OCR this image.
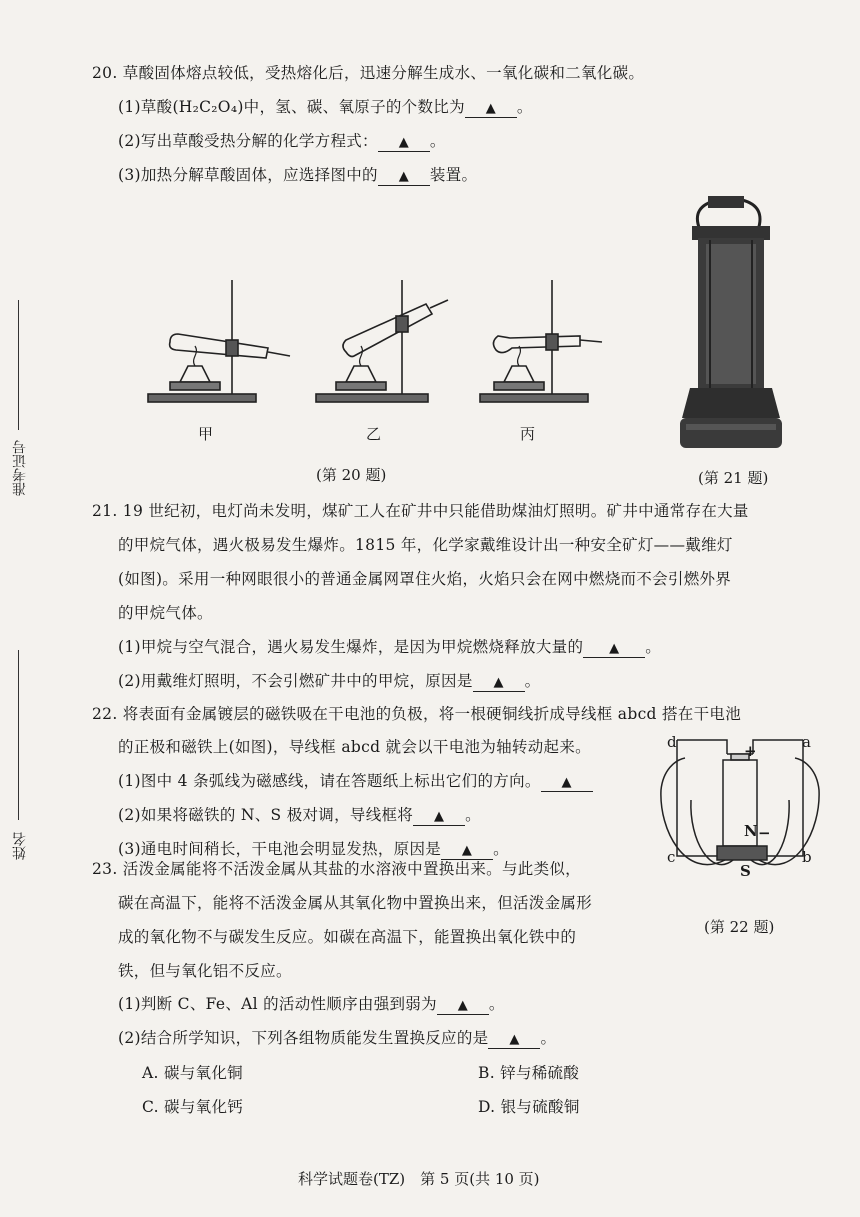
准考证号
姓名
20. 草酸固体熔点较低，受热熔化后，迅速分解生成水、一氧化碳和二氧化碳。
(1)草酸(H₂C₂O₄)中，氢、碳、氧原子的个数比为 ▲ 。
(2)写出草酸受热分解的化学方程式： ▲ 。
(3)加热分解草酸固体，应选择图中的 ▲ 装置。
甲	乙	丙
(第 20 题)	(第 21 题)
21. 19 世纪初，电灯尚未发明，煤矿工人在矿井中只能借助煤油灯照明。矿井中通常存在大量
的甲烷气体，遇火极易发生爆炸。1815 年，化学家戴维设计出一种安全矿灯——戴维灯
(如图)。采用一种网眼很小的普通金属网罩住火焰，火焰只会在网中燃烧而不会引燃外界
的甲烷气体。
(1)甲烷与空气混合，遇火易发生爆炸，是因为甲烷燃烧释放大量的 ▲ 。
(2)用戴维灯照明，不会引燃矿井中的甲烷，原因是 ▲ 。
22. 将表面有金属镀层的磁铁吸在干电池的负极，将一根硬铜线折成导线框 abcd 搭在干电池
的正极和磁铁上(如图)，导线框 abcd 就会以干电池为轴转动起来。
(1)图中 4 条弧线为磁感线，请在答题纸上标出它们的方向。 ▲
(2)如果将磁铁的 N、S 极对调，导线框将 ▲ 。
(3)通电时间稍长，干电池会明显发热，原因是 ▲ 。
d	a
c	b
+
N −
S
(第 22 题)
23. 活泼金属能将不活泼金属从其盐的水溶液中置换出来。与此类似，
碳在高温下，能将不活泼金属从其氧化物中置换出来，但活泼金属形
成的氧化物不与碳发生反应。如碳在高温下，能置换出氧化铁中的
铁，但与氧化铝不反应。
(1)判断 C、Fe、Al 的活动性顺序由强到弱为 ▲ 。
(2)结合所学知识，下列各组物质能发生置换反应的是 ▲ 。
A. 碳与氧化铜	B. 锌与稀硫酸
C. 碳与氧化钙	D. 银与硫酸铜
科学试题卷(TZ)　第 5 页(共 10 页)
